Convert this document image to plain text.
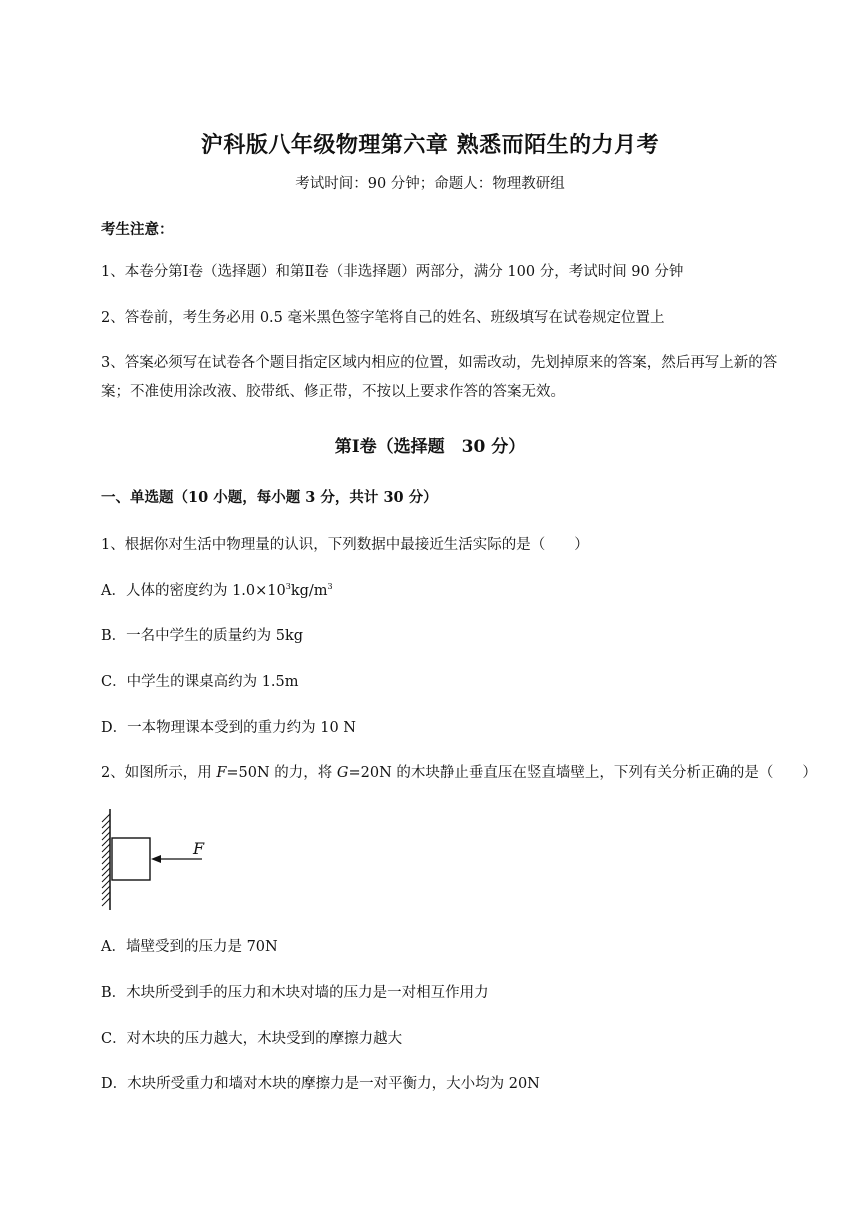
沪科版八年级物理第六章 熟悉而陌生的力月考
考试时间：90 分钟；命题人：物理教研组
考生注意：
1、本卷分第Ⅰ卷（选择题）和第Ⅱ卷（非选择题）两部分，满分 100 分，考试时间 90 分钟
2、答卷前，考生务必用 0.5 毫米黑色签字笔将自己的姓名、班级填写在试卷规定位置上
3、答案必须写在试卷各个题目指定区域内相应的位置，如需改动，先划掉原来的答案，然后再写上新的答案；不准使用涂改液、胶带纸、修正带，不按以上要求作答的答案无效。
第Ⅰ卷（选择题　30 分）
一、单选题（10 小题，每小题 3 分，共计 30 分）
1、根据你对生活中物理量的认识，下列数据中最接近生活实际的是（　　）
A．人体的密度约为 $1.0\times 10^3kg/m^3$
B．一名中学生的质量约为 5kg
C．中学生的课桌高约为 1.5m
D．一本物理课本受到的重力约为 10 N
2、如图所示，用 F=50N 的力，将 G=20N 的木块静止垂直压在竖直墙壁上，下列有关分析正确的是（　　）
F
A．墙壁受到的压力是 70N
B．木块所受到手的压力和木块对墙的压力是一对相互作用力
C．对木块的压力越大，木块受到的摩擦力越大
D．木块所受重力和墙对木块的摩擦力是一对平衡力，大小均为 20N
